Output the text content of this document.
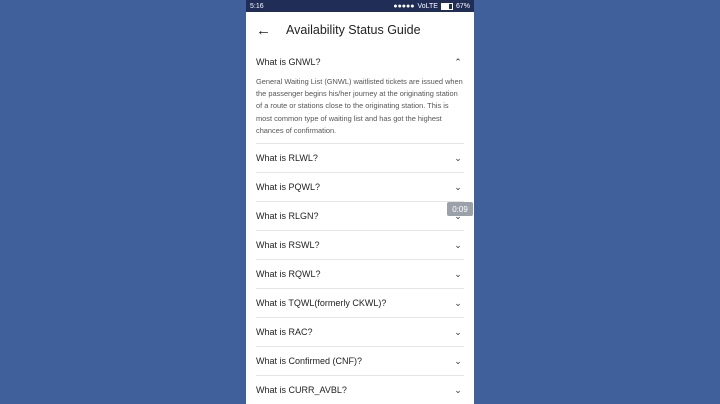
5:16	●●●●● VoLTE	67%
←	Availability Status Guide
What is GNWL?	⌃
General Waiting List (GNWL) waitlisted tickets are issued when the passenger begins his/her journey at the originating station of a route or stations close to the originating station. This is most common type of waiting list and has got the highest chances of confirmation.
What is RLWL?	⌄
What is PQWL?	⌄
What is RLGN?
What is RSWL?	⌄
What is RQWL?	⌄
What is TQWL(formerly CKWL)?	⌄
What is RAC?	⌄
What is Confirmed (CNF)?	⌄
What is CURR_AVBL?	⌄
0:09
